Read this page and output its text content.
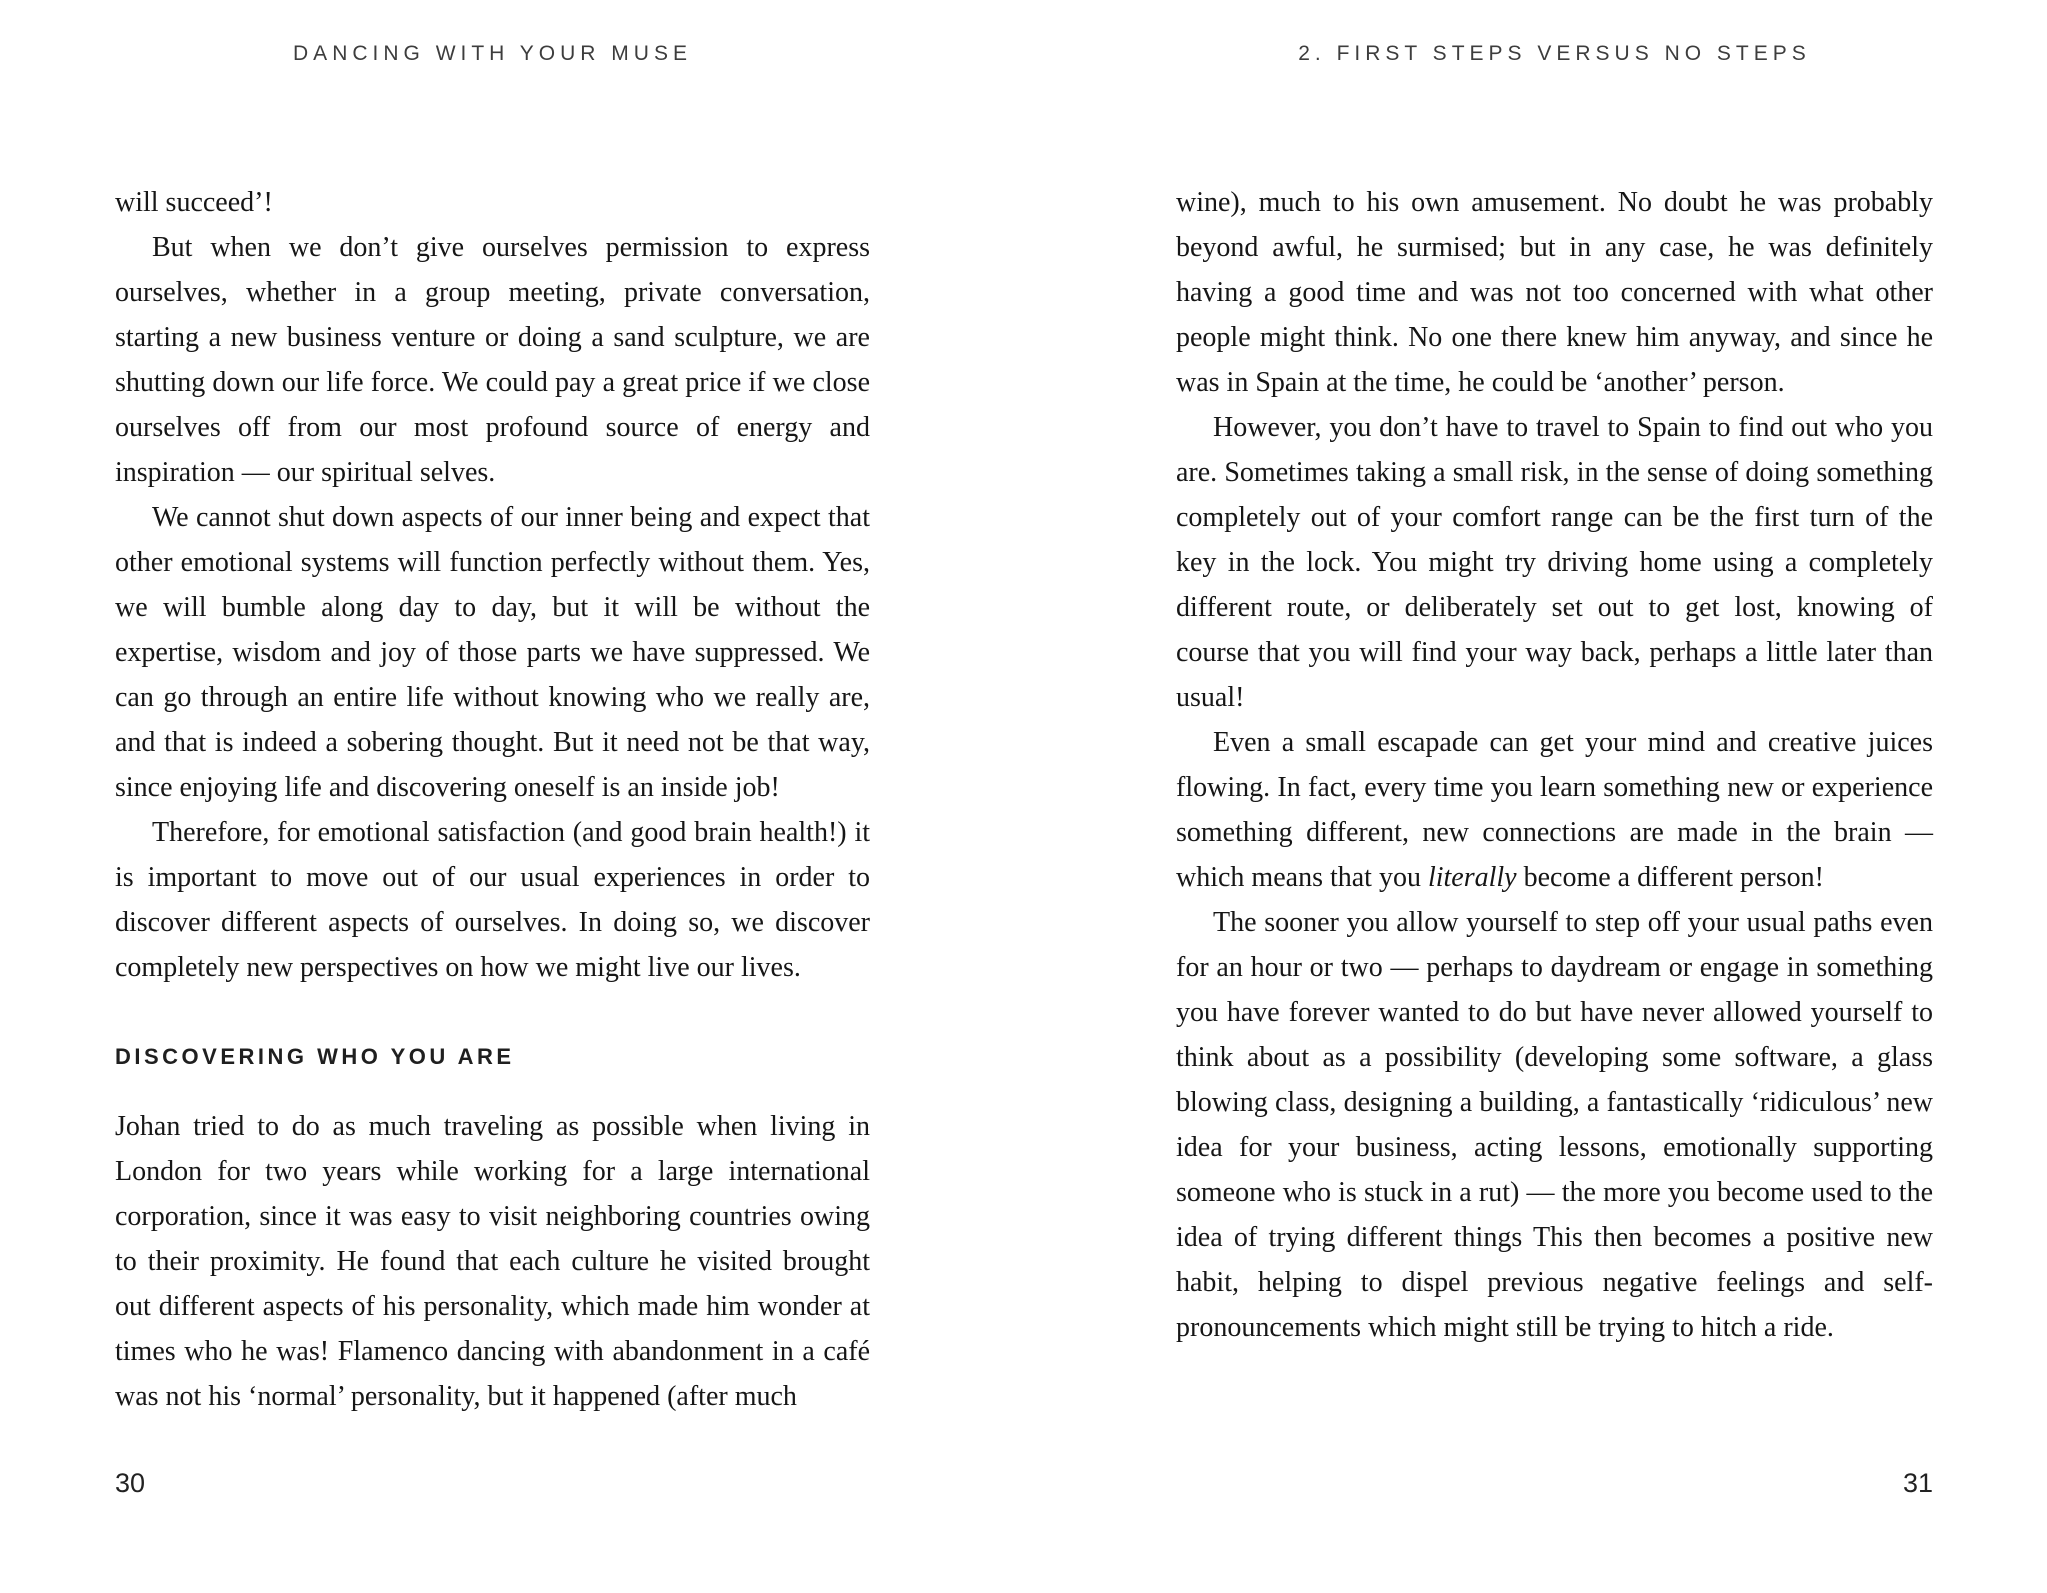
DANCING WITH YOUR MUSE

will succeed’!

But when we don’t give ourselves permission to express ourselves, whether in a group meeting, private conversation, starting a new business venture or doing a sand sculpture, we are shutting down our life force. We could pay a great price if we close ourselves off from our most profound source of energy and inspiration — our spiritual selves.

We cannot shut down aspects of our inner being and expect that other emotional systems will function perfectly without them. Yes, we will bumble along day to day, but it will be without the expertise, wisdom and joy of those parts we have suppressed. We can go through an entire life without knowing who we really are, and that is indeed a sobering thought. But it need not be that way, since enjoying life and discovering oneself is an inside job!

Therefore, for emotional satisfaction (and good brain health!) it is important to move out of our usual experiences in order to discover different aspects of ourselves. In doing so, we discover completely new perspectives on how we might live our lives.

DISCOVERING WHO YOU ARE

Johan tried to do as much traveling as possible when living in London for two years while working for a large international corporation, since it was easy to visit neighboring countries owing to their proximity. He found that each culture he visited brought out different aspects of his personality, which made him wonder at times who he was! Flamenco dancing with abandonment in a café was not his ‘normal’ personality, but it happened (after much

30
2. FIRST STEPS VERSUS NO STEPS

wine), much to his own amusement. No doubt he was probably beyond awful, he surmised; but in any case, he was definitely having a good time and was not too concerned with what other people might think. No one there knew him anyway, and since he was in Spain at the time, he could be ‘another’ person.

However, you don’t have to travel to Spain to find out who you are. Sometimes taking a small risk, in the sense of doing something completely out of your comfort range can be the first turn of the key in the lock. You might try driving home using a completely different route, or deliberately set out to get lost, knowing of course that you will find your way back, perhaps a little later than usual!

Even a small escapade can get your mind and creative juices flowing. In fact, every time you learn something new or experience something different, new connections are made in the brain — which means that you literally become a different person!

The sooner you allow yourself to step off your usual paths even for an hour or two — perhaps to daydream or engage in something you have forever wanted to do but have never allowed yourself to think about as a possibility (developing some software, a glass blowing class, designing a building, a fantastically ‘ridiculous’ new idea for your business, acting lessons, emotionally supporting someone who is stuck in a rut) — the more you become used to the idea of trying different things This then becomes a positive new habit, helping to dispel previous negative feelings and self-pronouncements which might still be trying to hitch a ride.

31
